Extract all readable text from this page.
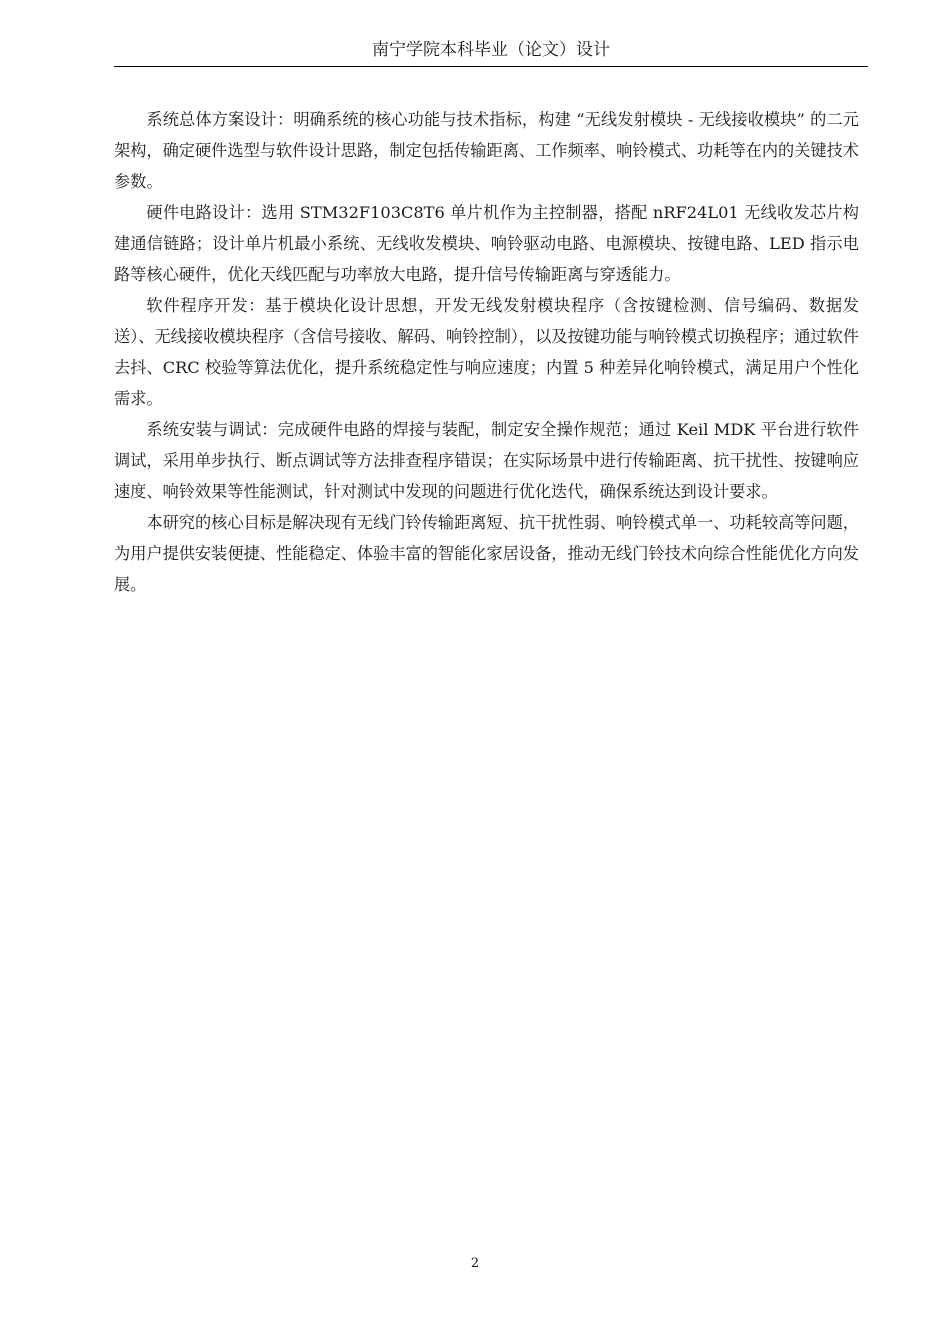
南宁学院本科毕业（论文）设计

系统总体方案设计：明确系统的核心功能与技术指标，构建 “无线发射模块 - 无线接收模块” 的二元架构，确定硬件选型与软件设计思路，制定包括传输距离、工作频率、响铃模式、功耗等在内的关键技术参数。

硬件电路设计：选用 STM32F103C8T6 单片机作为主控制器，搭配 nRF24L01 无线收发芯片构建通信链路；设计单片机最小系统、无线收发模块、响铃驱动电路、电源模块、按键电路、LED 指示电路等核心硬件，优化天线匹配与功率放大电路，提升信号传输距离与穿透能力。

软件程序开发：基于模块化设计思想，开发无线发射模块程序（含按键检测、信号编码、数据发送）、无线接收模块程序（含信号接收、解码、响铃控制），以及按键功能与响铃模式切换程序；通过软件去抖、CRC 校验等算法优化，提升系统稳定性与响应速度；内置 5 种差异化响铃模式，满足用户个性化需求。

系统安装与调试：完成硬件电路的焊接与装配，制定安全操作规范；通过 Keil MDK 平台进行软件调试，采用单步执行、断点调试等方法排查程序错误；在实际场景中进行传输距离、抗干扰性、按键响应速度、响铃效果等性能测试，针对测试中发现的问题进行优化迭代，确保系统达到设计要求。

本研究的核心目标是解决现有无线门铃传输距离短、抗干扰性弱、响铃模式单一、功耗较高等问题，为用户提供安装便捷、性能稳定、体验丰富的智能化家居设备，推动无线门铃技术向综合性能优化方向发展。

2
